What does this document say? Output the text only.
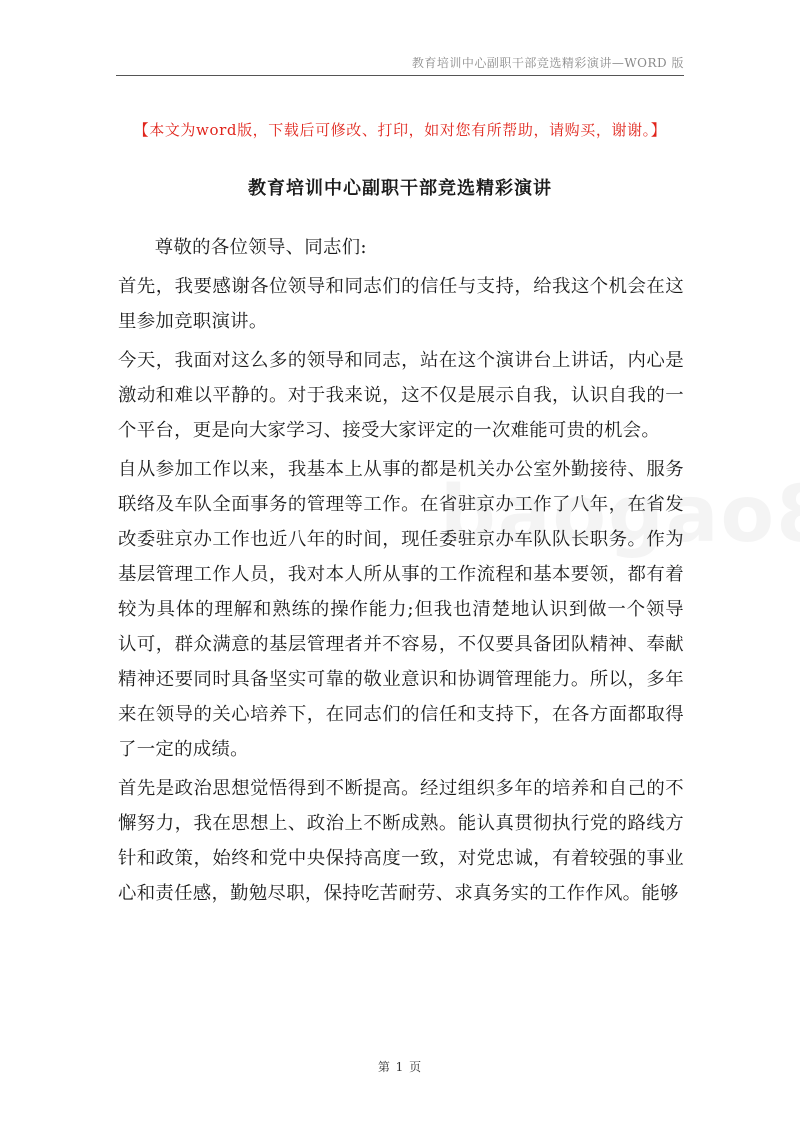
教育培训中心副职干部竞选精彩演讲—WORD 版
【本文为word版，下载后可修改、打印，如对您有所帮助，请购买，谢谢。】
教育培训中心副职干部竞选精彩演讲

尊敬的各位领导、同志们:

首先，我要感谢各位领导和同志们的信任与支持，给我这个机会在这里参加竞职演讲。

今天，我面对这么多的领导和同志，站在这个演讲台上讲话，内心是激动和难以平静的。对于我来说，这不仅是展示自我，认识自我的一个平台，更是向大家学习、接受大家评定的一次难能可贵的机会。

自从参加工作以来，我基本上从事的都是机关办公室外勤接待、服务联络及车队全面事务的管理等工作。在省驻京办工作了八年，在省发改委驻京办工作也近八年的时间，现任委驻京办车队队长职务。作为基层管理工作人员，我对本人所从事的工作流程和基本要领，都有着较为具体的理解和熟练的操作能力;但我也清楚地认识到做一个领导认可，群众满意的基层管理者并不容易，不仅要具备团队精神、奉献精神还要同时具备坚实可靠的敬业意识和协调管理能力。所以，多年来在领导的关心培养下，在同志们的信任和支持下，在各方面都取得了一定的成绩。

首先是政治思想觉悟得到不断提高。经过组织多年的培养和自己的不懈努力，我在思想上、政治上不断成熟。能认真贯彻执行党的路线方针和政策，始终和党中央保持高度一致，对党忠诚，有着较强的事业心和责任感，勤勉尽职，保持吃苦耐劳、求真务实的工作作风。能够

第 1 页
